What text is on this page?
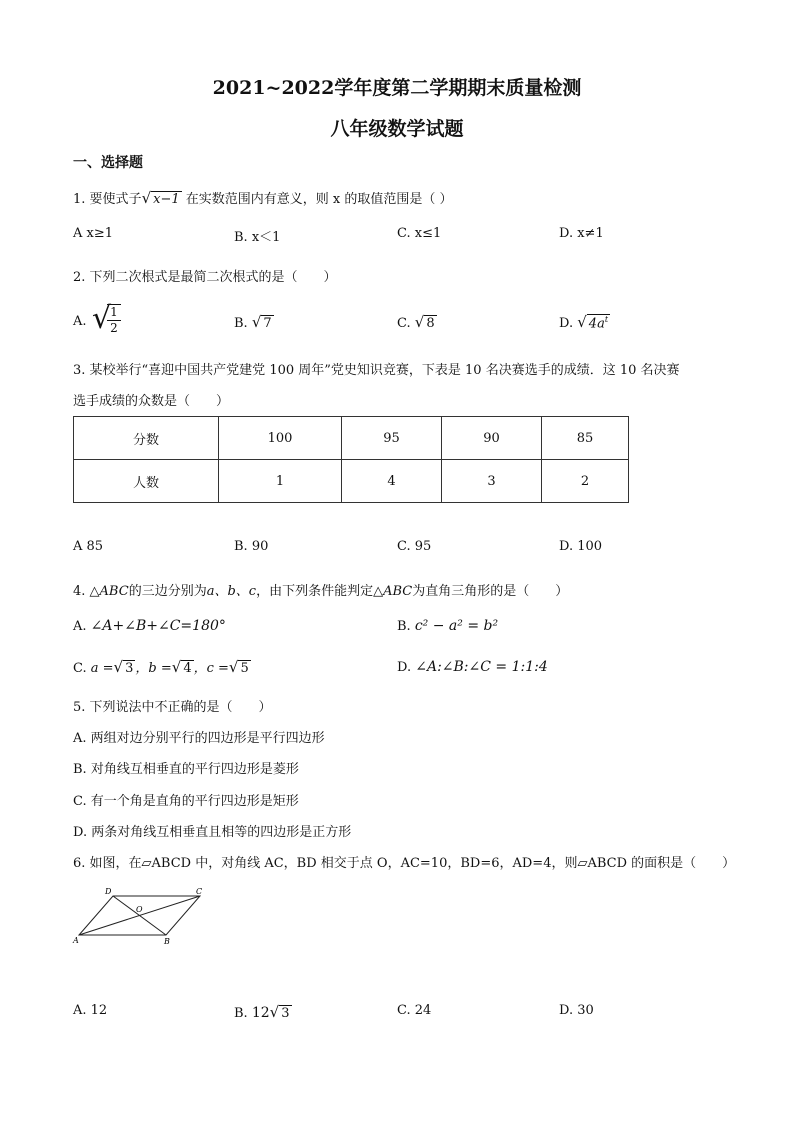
2021~2022学年度第二学期期末质量检测
八年级数学试题
一、选择题
1. 要使式子√ x−1 在实数范围内有意义，则 x 的取值范围是（ ）
A x≥1	B. x＜1	C. x≤1	D. x≠1
2. 下列二次根式是最简二次根式的是（　　）
A. √ 1
2	B. √ 7	C. √ 8	D. √ $4a^t$
3. 某校举行“喜迎中国共产党建党 100 周年”党史知识竞赛，下表是 10 名决赛选手的成绩．这 10 名决赛
选手成绩的众数是（　　）
分数	100	95	90	85
人数	1	4	3	2
A 85	B. 90	C. 95	D. 100
4. △ABC的三边分别为a、b、c，由下列条件能判定△ABC为直角三角形的是（　　）
A. ∠A+∠B+∠C=180°	B. c² − a² = b²
C. a =√ 3 ，b =√ 4 ，c =√ 5	D. ∠A:∠B:∠C = 1:1:4
5. 下列说法中不正确的是（　　）
A. 两组对边分别平行的四边形是平行四边形
B. 对角线互相垂直的平行四边形是菱形
C. 有一个角是直角的平行四边形是矩形
D. 两条对角线互相垂直且相等的四边形是正方形
6. 如图，在▱ABCD 中，对角线 AC，BD 相交于点 O，AC=10，BD=6，AD=4，则▱ABCD 的面积是（　　）
A	B
C
D
O
A. 12	B. 12√ 3	C. 24	D. 30
